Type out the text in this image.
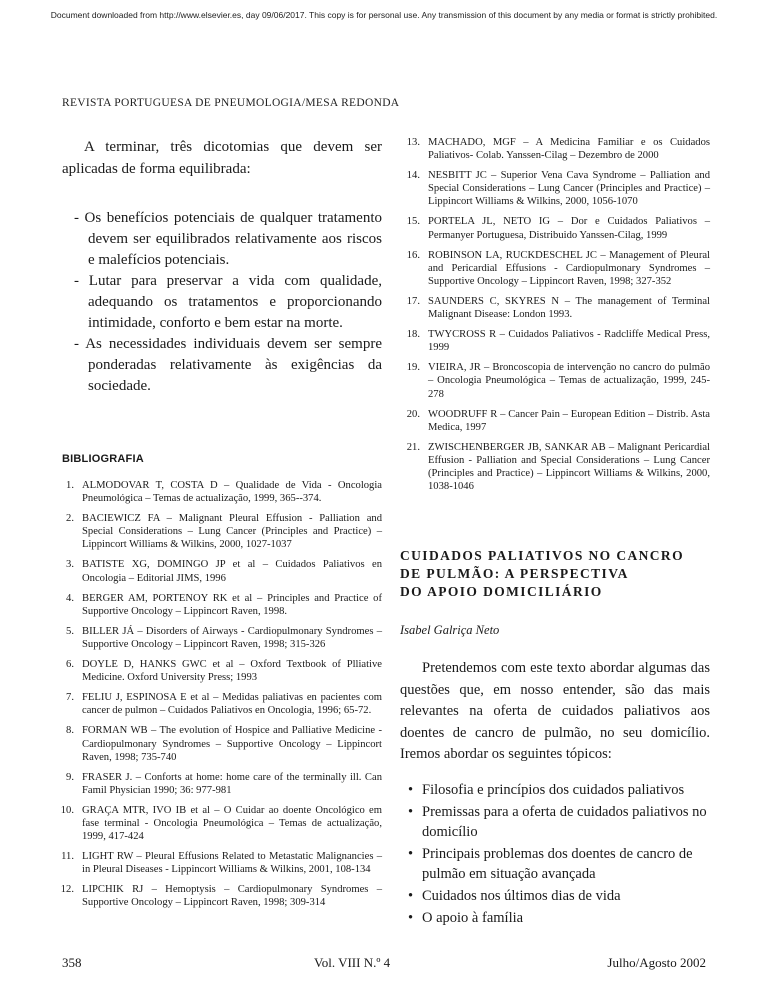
Document downloaded from http://www.elsevier.es, day 09/06/2017. This copy is for personal use. Any transmission of this document by any media or format is strictly prohibited.
REVISTA PORTUGUESA DE PNEUMOLOGIA/MESA REDONDA

A terminar, três dicotomias que devem ser aplicadas de forma equilibrada:

- Os benefícios potenciais de qualquer tratamento devem ser equilibrados relativamente aos riscos e malefícios potenciais.
- Lutar para preservar a vida com qualidade, adequando os tratamentos e proporcionando intimidade, conforto e bem estar na morte.
- As necessidades individuais devem ser sempre ponderadas relativamente às exigências da sociedade.
BIBLIOGRAFIA
1. ALMODOVAR T, COSTA D – Qualidade de Vida - Oncologia Pneumológica – Temas de actualização, 1999, 365--374.
2. BACIEWICZ FA – Malignant Pleural Effusion - Palliation and Special Considerations – Lung Cancer (Principles and Practice) – Lippincort Williams & Wilkins, 2000, 1027-1037
3. BATISTE XG, DOMINGO JP et al – Cuidados Paliativos en Oncologia – Editorial JIMS, 1996
4. BERGER AM, PORTENOY RK et al – Principles and Practice of Supportive Oncology – Lippincort Raven, 1998.
5. BILLER JÁ – Disorders of Airways - Cardiopulmonary Syndromes – Supportive Oncology – Lippincort Raven, 1998; 315-326
6. DOYLE D, HANKS GWC et al – Oxford Textbook of Plliative Medicine. Oxford University Press; 1993
7. FELIU J, ESPINOSA E et al – Medidas paliativas en pacientes com cancer de pulmon – Cuidados Paliativos en Oncologia, 1996; 65-72.
8. FORMAN WB – The evolution of Hospice and Palliative Medicine - Cardiopulmonary Syndromes – Supportive Oncology – Lippincort Raven, 1998; 735-740
9. FRASER J. – Conforts at home: home care of the terminally ill. Can Famil Physician 1990; 36: 977-981
10. GRAÇA MTR, IVO IB et al – O Cuidar ao doente Oncológico em fase terminal - Oncologia Pneumológica – Temas de actualização, 1999, 417-424
11. LIGHT RW – Pleural Effusions Related to Metastatic Malignancies – in Pleural Diseases - Lippincort Williams & Wilkins, 2001, 108-134
12. LIPCHIK RJ – Hemoptysis – Cardiopulmonary Syndromes – Supportive Oncology – Lippincort Raven, 1998; 309-314
13. MACHADO, MGF – A Medicina Familiar e os Cuidados Paliativos- Colab. Yanssen-Cilag – Dezembro de 2000
14. NESBITT JC – Superior Vena Cava Syndrome – Palliation and Special Considerations – Lung Cancer (Principles and Practice) – Lippincort Williams & Wilkins, 2000, 1056-1070
15. PORTELA JL, NETO IG – Dor e Cuidados Paliativos – Permanyer Portuguesa, Distribuido Yanssen-Cilag, 1999
16. ROBINSON LA, RUCKDESCHEL JC – Management of Pleural and Pericardial Effusions - Cardiopulmonary Syndromes – Supportive Oncology – Lippincort Raven, 1998; 327-352
17. SAUNDERS C, SKYRES N – The management of Terminal Malignant Disease: London 1993.
18. TWYCROSS R – Cuidados Paliativos - Radcliffe Medical Press, 1999
19. VIEIRA, JR – Broncoscopia de intervenção no cancro do pulmão – Oncologia Pneumológica – Temas de actualização, 1999, 245-278
20. WOODRUFF R – Cancer Pain – European Edition – Distrib. Asta Medica, 1997
21. ZWISCHENBERGER JB, SANKAR AB – Malignant Pericardial Effusion - Palliation and Special Considerations – Lung Cancer (Principles and Practice) – Lippincort Williams & Wilkins, 2000, 1038-1046
CUIDADOS PALIATIVOS NO CANCRO
DE PULMÃO: A PERSPECTIVA
DO APOIO DOMICILIÁRIO

Isabel Galriça Neto

Pretendemos com este texto abordar algumas das questões que, em nosso entender, são das mais relevantes na oferta de cuidados paliativos aos doentes de cancro de pulmão, no seu domicílio. Iremos abordar os seguintes tópicos:

• Filosofia e princípios dos cuidados paliativos
• Premissas para a oferta de cuidados paliativos no domicílio
• Principais problemas dos doentes de cancro de pulmão em situação avançada
• Cuidados nos últimos dias de vida
• O apoio à família
358	Vol. VIII N.º 4	Julho/Agosto 2002
